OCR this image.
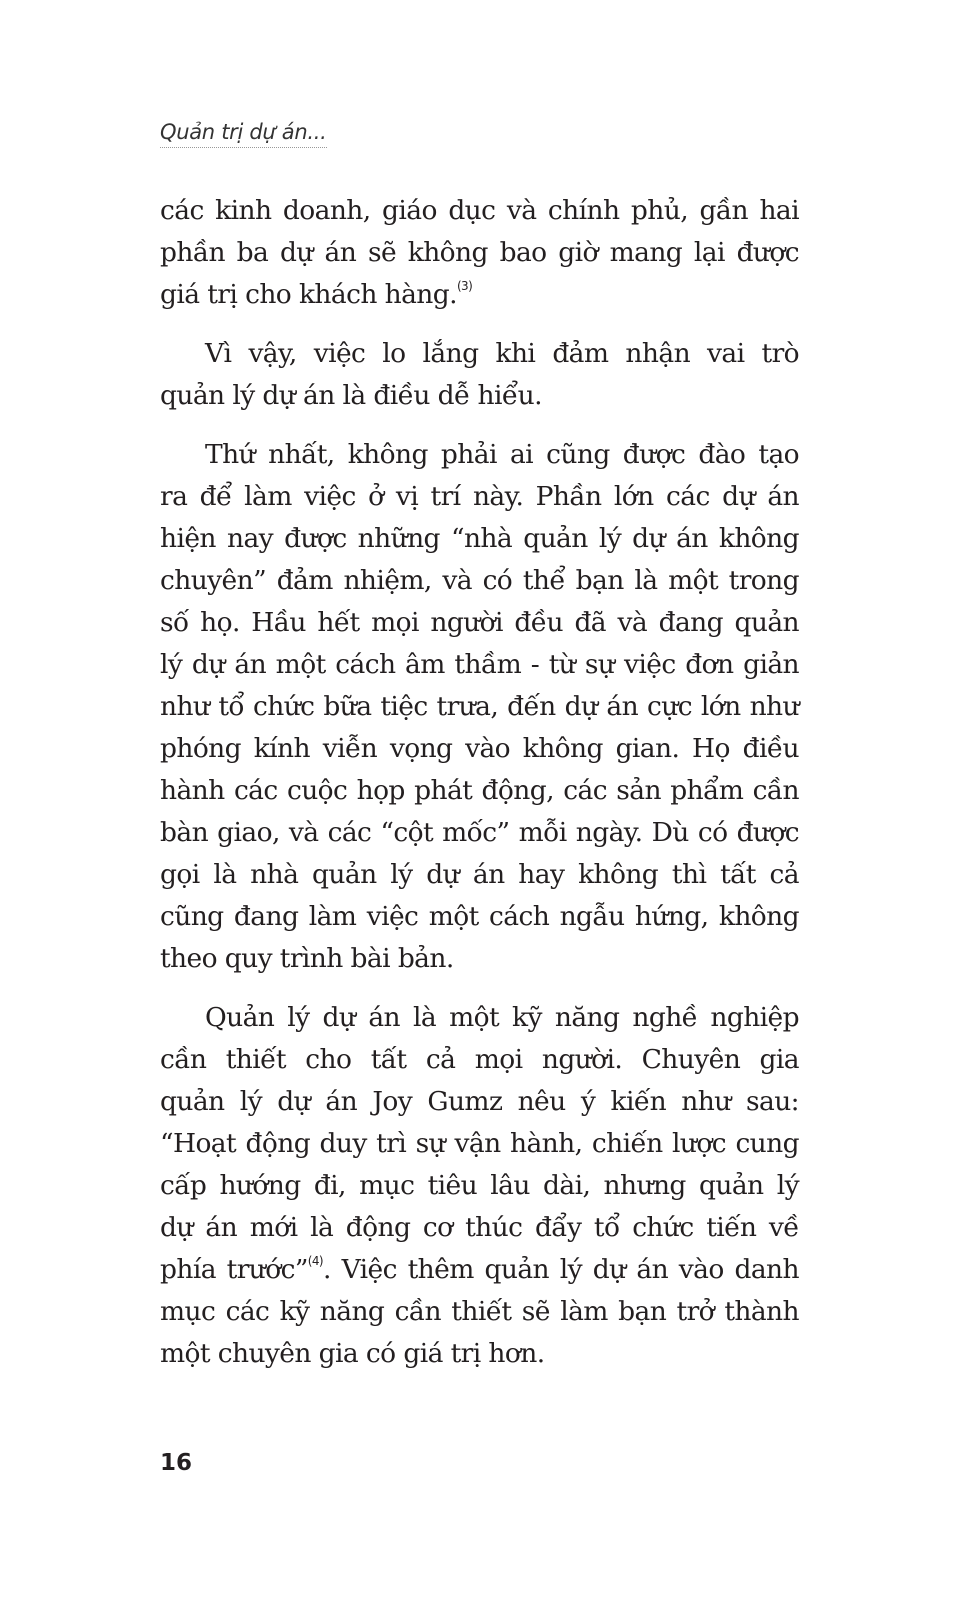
Quản trị dự án...
các kinh doanh, giáo dục và chính phủ, gần hai
phần ba dự án sẽ không bao giờ mang lại được
giá trị cho khách hàng.$^{(3)}$
Vì vậy, việc lo lắng khi đảm nhận vai trò
quản lý dự án là điều dễ hiểu.
Thứ nhất, không phải ai cũng được đào tạo
ra để làm việc ở vị trí này. Phần lớn các dự án
hiện nay được những “nhà quản lý dự án không
chuyên” đảm nhiệm, và có thể bạn là một trong
số họ. Hầu hết mọi người đều đã và đang quản
lý dự án một cách âm thầm - từ sự việc đơn giản
như tổ chức bữa tiệc trưa, đến dự án cực lớn như
phóng kính viễn vọng vào không gian. Họ điều
hành các cuộc họp phát động, các sản phẩm cần
bàn giao, và các “cột mốc” mỗi ngày. Dù có được
gọi là nhà quản lý dự án hay không thì tất cả
cũng đang làm việc một cách ngẫu hứng, không
theo quy trình bài bản.
Quản lý dự án là một kỹ năng nghề nghiệp
cần thiết cho tất cả mọi người. Chuyên gia
quản lý dự án Joy Gumz nêu ý kiến như sau:
“Hoạt động duy trì sự vận hành, chiến lược cung
cấp hướng đi, mục tiêu lâu dài, nhưng quản lý
dự án mới là động cơ thúc đẩy tổ chức tiến về
phía trước”$^{(4)}$. Việc thêm quản lý dự án vào danh
mục các kỹ năng cần thiết sẽ làm bạn trở thành
một chuyên gia có giá trị hơn.
16
